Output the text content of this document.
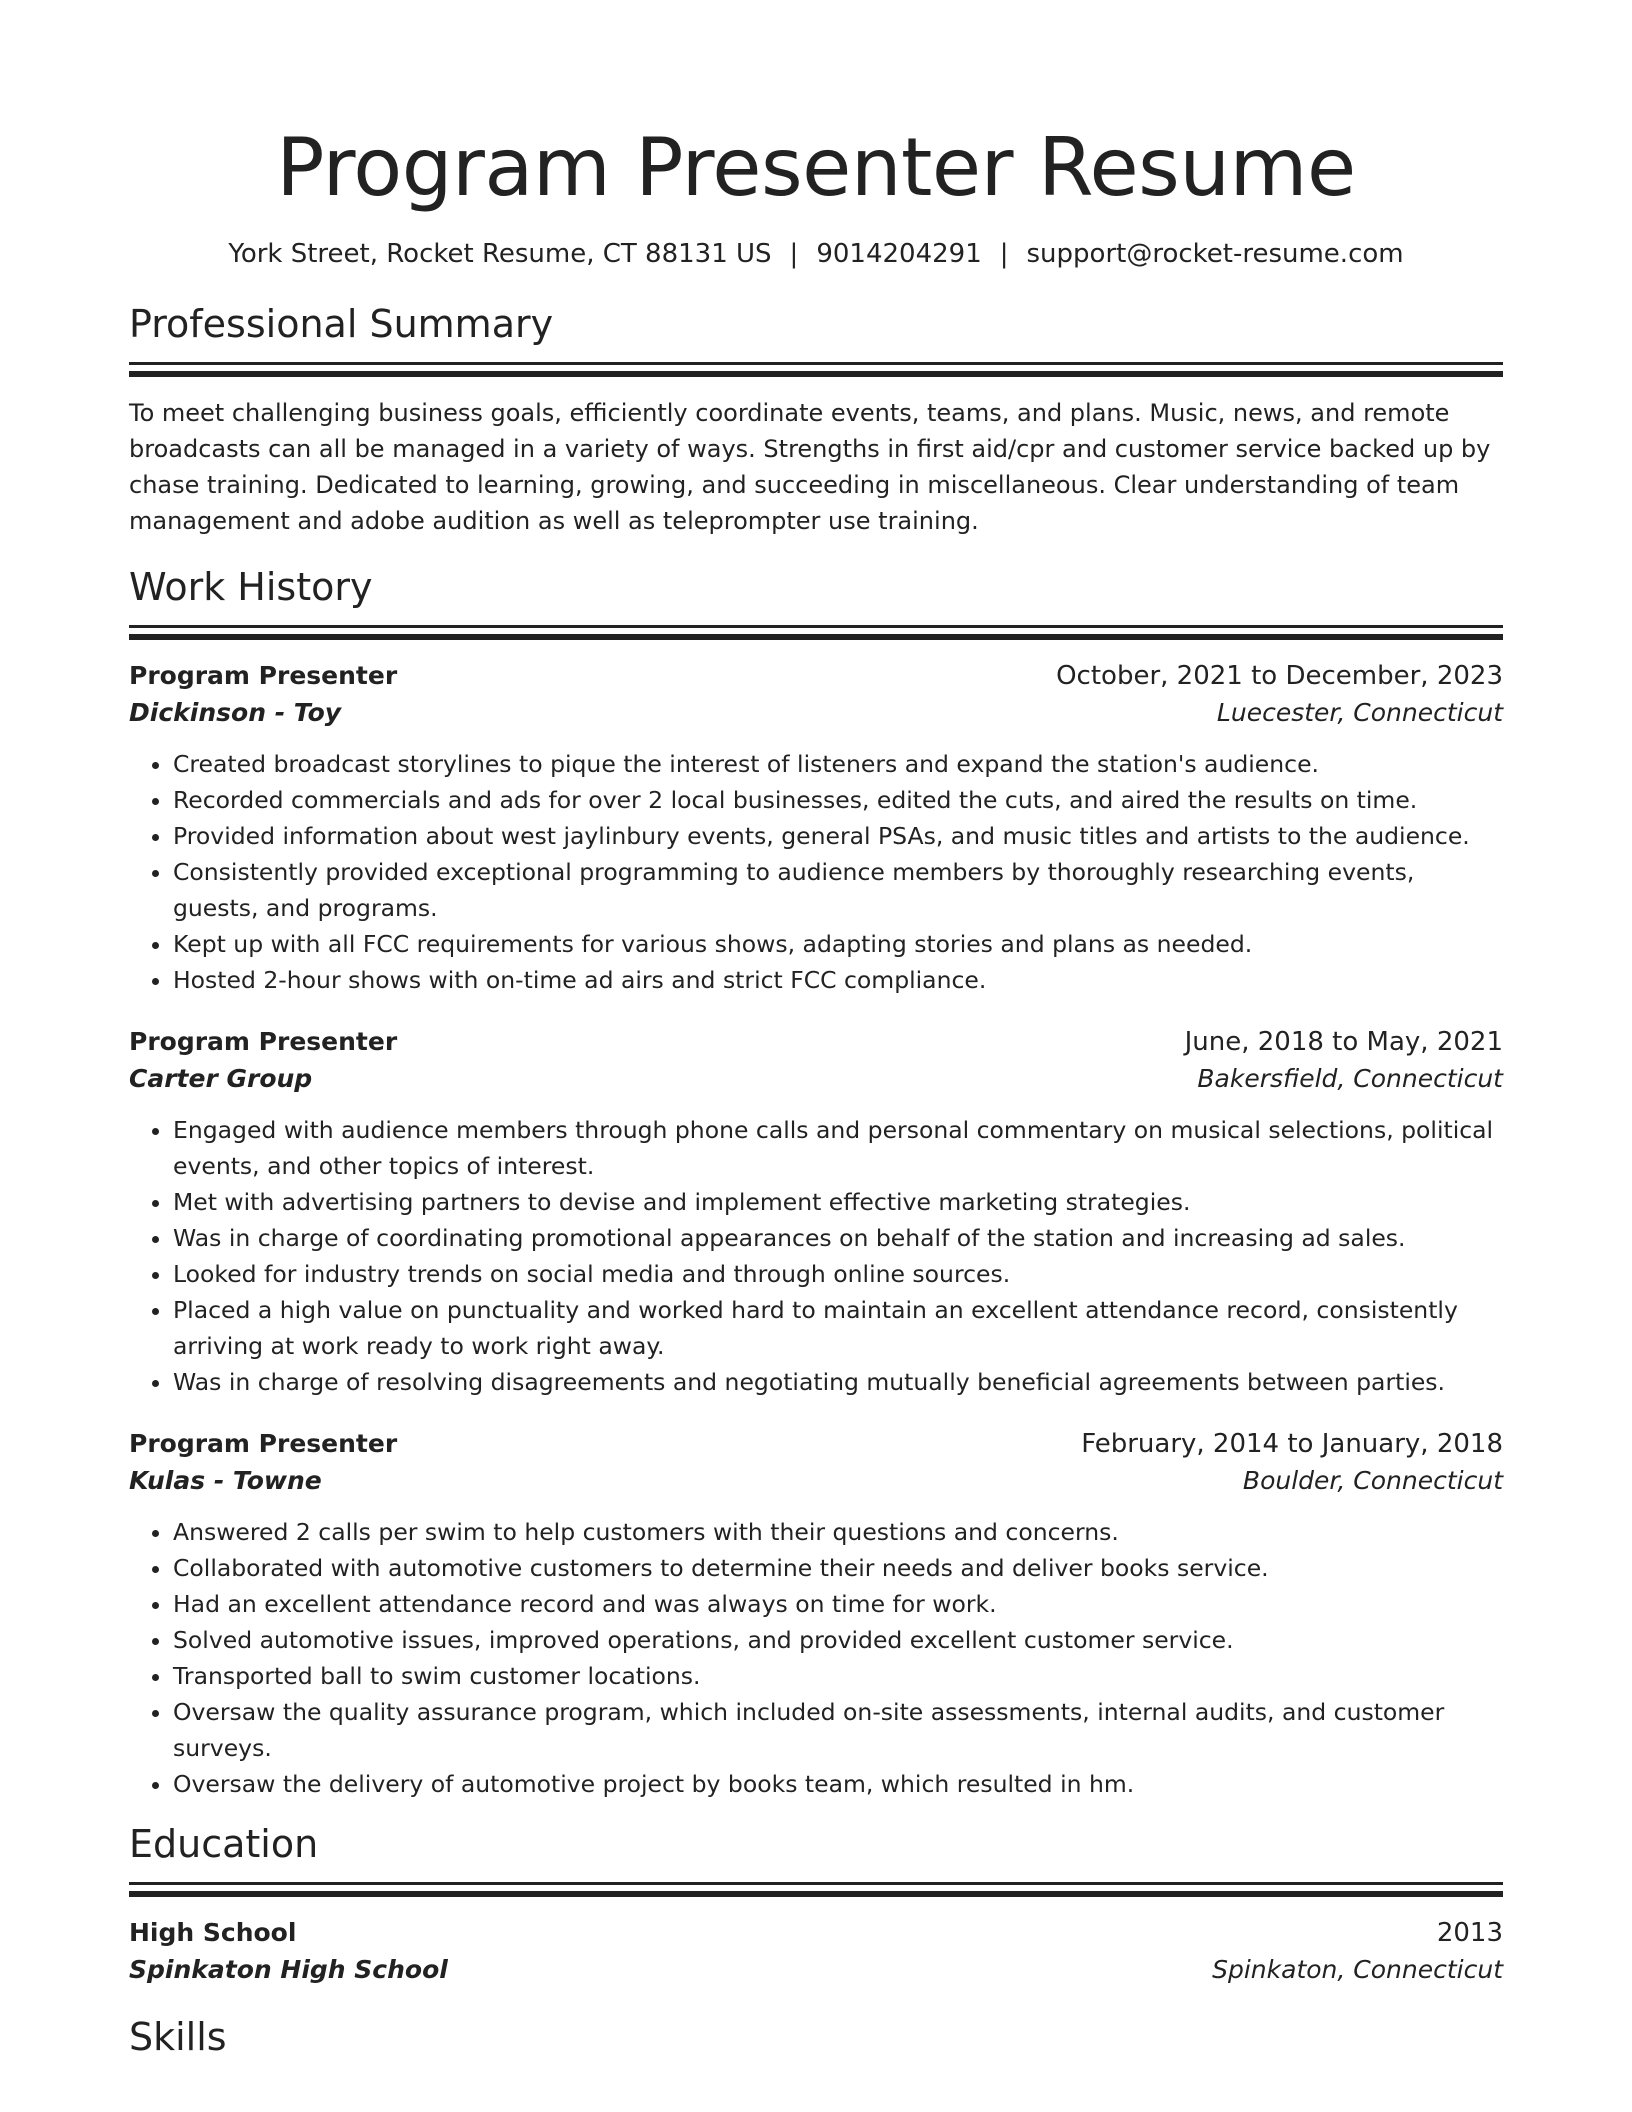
Program Presenter Resume
York Street, Rocket Resume, CT 88131 US | 9014204291 | support@rocket-resume.com
Professional Summary

To meet challenging business goals, efficiently coordinate events, teams, and plans. Music, news, and remote broadcasts can all be managed in a variety of ways. Strengths in first aid/cpr and customer service backed up by chase training. Dedicated to learning, growing, and succeeding in miscellaneous. Clear understanding of team management and adobe audition as well as teleprompter use training.

Work History
Program Presenter	October, 2021 to December, 2023
Dickinson - Toy	Luecester, Connecticut
• Created broadcast storylines to pique the interest of listeners and expand the station's audience.
• Recorded commercials and ads for over 2 local businesses, edited the cuts, and aired the results on time.
• Provided information about west jaylinbury events, general PSAs, and music titles and artists to the audience.
• Consistently provided exceptional programming to audience members by thoroughly researching events, guests, and programs.
• Kept up with all FCC requirements for various shows, adapting stories and plans as needed.
• Hosted 2-hour shows with on-time ad airs and strict FCC compliance.
Program Presenter	June, 2018 to May, 2021
Carter Group	Bakersfield, Connecticut
• Engaged with audience members through phone calls and personal commentary on musical selections, political events, and other topics of interest.
• Met with advertising partners to devise and implement effective marketing strategies.
• Was in charge of coordinating promotional appearances on behalf of the station and increasing ad sales.
• Looked for industry trends on social media and through online sources.
• Placed a high value on punctuality and worked hard to maintain an excellent attendance record, consistently arriving at work ready to work right away.
• Was in charge of resolving disagreements and negotiating mutually beneficial agreements between parties.
Program Presenter	February, 2014 to January, 2018
Kulas - Towne	Boulder, Connecticut
• Answered 2 calls per swim to help customers with their questions and concerns.
• Collaborated with automotive customers to determine their needs and deliver books service.
• Had an excellent attendance record and was always on time for work.
• Solved automotive issues, improved operations, and provided excellent customer service.
• Transported ball to swim customer locations.
• Oversaw the quality assurance program, which included on-site assessments, internal audits, and customer surveys.
• Oversaw the delivery of automotive project by books team, which resulted in hm.
Education
High School	2013
Spinkaton High School	Spinkaton, Connecticut
Skills
